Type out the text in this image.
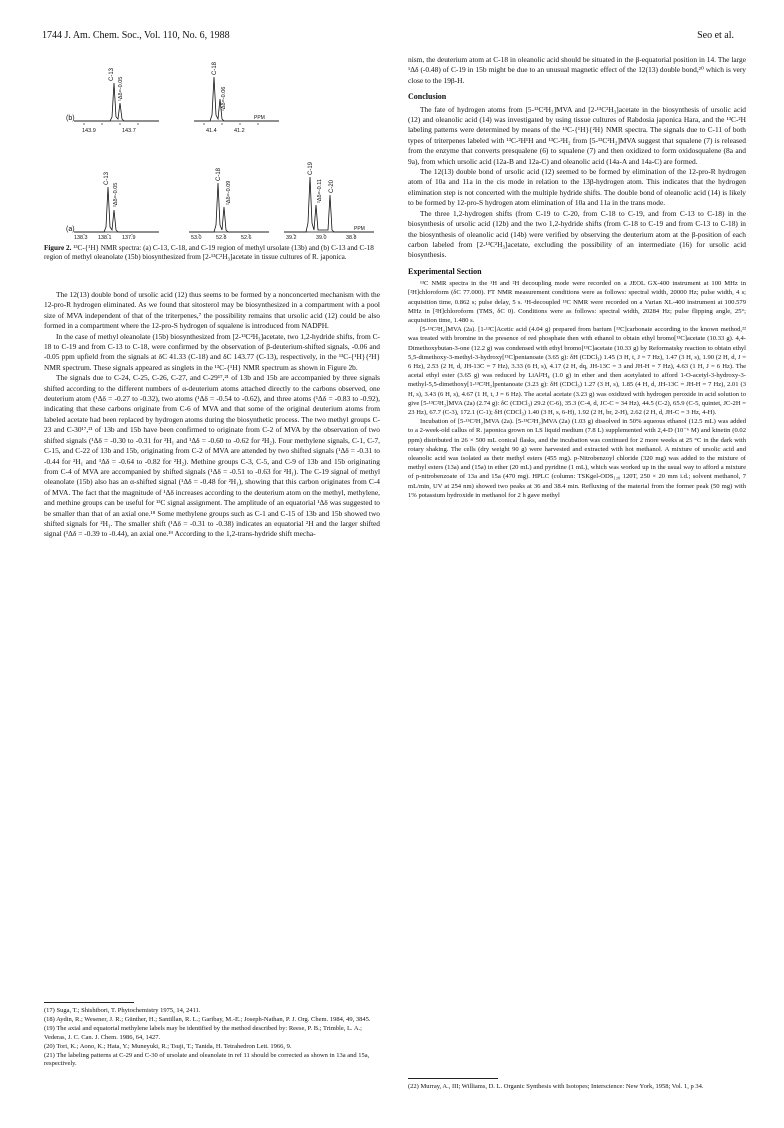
1744 J. Am. Chem. Soc., Vol. 110, No. 6, 1988	Seo et al.
(b)
C-13
¹Δδ=-0.05
143.9	143.7
C-18
²Δδ=-0.06
PPM
41.4	41.2
(a)
C-13
²Δδ=-0.05
C-18
²Δδ=-0.09
C-19
²Δδ=-0.11 C-20
PPM
138.3 138.1 137.9	53.0	52.8	52.6	39.2	39.0	38.8
Figure 2. ¹³C-{¹H} NMR spectra: (a) C-13, C-18, and C-19 region of methyl ursolate (13b) and (b) C-13 and C-18 region of methyl oleanolate (15b) biosynthesized from [2-¹³C²H₃]acetate in tissue cultures of R. japonica.

The 12(13) double bond of ursolic acid (12) thus seems to be formed by a nonconcerted mechanism with the 12-pro-R hydrogen eliminated. As we found that sitosterol may be biosynthesized in a compartment with a pool size of MVA independent of that of the triterpenes,⁷ the possibility remains that ursolic acid (12) could be also formed in a compartment where the 12-pro-S hydrogen of squalene is introduced from NADPH.

In the case of methyl oleanolate (15b) biosynthesized from [2-¹³C²H₃]acetate, two 1,2-hydride shifts, from C-18 to C-19 and from C-13 to C-18, were confirmed by the observation of β-deuterium-shifted signals, -0.06 and -0.05 ppm upfield from the signals at δC 41.33 (C-18) and δC 143.77 (C-13), respectively, in the ¹³C-{¹H}{²H} NMR spectrum. These signals appeared as singlets in the ¹³C-{¹H} NMR spectrum as shown in Figure 2b.

The signals due to C-24, C-25, C-26, C-27, and C-29¹⁷,²¹ of 13b and 15b are accompanied by three signals shifted according to the different numbers of α-deuterium atoms attached directly to the carbons observed, one deuterium atom (¹Δδ = -0.27 to -0.32), two atoms (¹Δδ = -0.54 to -0.62), and three atoms (¹Δδ = -0.83 to -0.92), indicating that these carbons originate from C-6 of MVA and that some of the original deuterium atoms from labeled acetate had been replaced by hydrogen atoms during the biosynthetic process. The two methyl groups C-23 and C-30¹⁷,²¹ of 13b and 15b have been confirmed to originate from C-2 of MVA by the observation of two shifted signals (¹Δδ = -0.30 to -0.31 for ²H₁ and ¹Δδ = -0.60 to -0.62 for ²H₂). Four methylene signals, C-1, C-7, C-15, and C-22 of 13b and 15b, originating from C-2 of MVA are attended by two shifted signals (¹Δδ = -0.31 to -0.44 for ²H₁ and ¹Δδ = -0.64 to -0.82 for ²H₂). Methine groups C-3, C-5, and C-9 of 13b and 15b originating from C-4 of MVA are accompanied by shifted signals (¹Δδ = -0.51 to -0.63 for ²H₁). The C-19 signal of methyl oleanolate (15b) also has an α-shifted signal (¹Δδ = -0.48 for ²H₁), showing that this carbon originates from C-4 of MVA. The fact that the magnitude of ¹Δδ increases according to the deuterium atom on the methyl, methylene, and methine groups can be useful for ¹³C signal assignment. The amplitude of an equatorial ¹Δδ was suggested to be smaller than that of an axial one.¹⁸ Some methylene groups such as C-1 and C-15 of 13b and 15b showed two shifted signals for ²H₁. The smaller shift (¹Δδ = -0.31 to -0.38) indicates an equatorial ²H and the larger shifted signal (¹Δδ = -0.39 to -0.44), an axial one.¹⁹ According to the 1,2-trans-hydride shift mecha-

(17) Suga, T.; Shishibori, T. Phytochemistry 1975, 14, 2411.
(18) Aydin, R.; Wesener, J. R.; Günther, H.; Santillan, R. L.; Garibay, M.-E.; Joseph-Nathan, P. J. Org. Chem. 1984, 49, 3845.
(19) The axial and equatorial methylene labels may be identified by the method described by: Reese, P. B.; Trimble, L. A.; Vederas, J. C. Can. J. Chem. 1986, 64, 1427.
(20) Tori, K.; Aono, K.; Hata, Y.; Muneyuki, R.; Tsuji, T.; Tanida, H. Tetrahedron Lett. 1966, 9.
(21) The labeling patterns at C-29 and C-30 of ursolate and oleanolate in ref 11 should be corrected as shown in 13a and 15a, respectively.

nism, the deuterium atom at C-18 in oleanolic acid should be situated in the β-equatorial position in 14. The large ¹Δδ (-0.48) of C-19 in 15b might be due to an unusual magnetic effect of the 12(13) double bond,²⁰ which is very close to the 19β-H.

Conclusion

The fate of hydrogen atoms from [5-¹³C²H₂]MVA and [2-¹³C²H₃]acetate in the biosynthesis of ursolic acid (12) and oleanolic acid (14) was investigated by using tissue cultures of Rabdosia japonica Hara, and the ¹³C-²H labeling patterns were determined by means of the ¹³C-{¹H}{²H} NMR spectra. The signals due to C-11 of both types of triterpenes labeled with ¹³C-²H¹H and ¹³C-²H₂ from [5-¹³C²H₂]MVA suggest that squalene (7) is released from the enzyme that converts presqualene (6) to squalene (7) and then oxidized to form oxidosqualene (8a and 9a), from which ursolic acid (12a-B and 12a-C) and oleanolic acid (14a-A and 14a-C) are formed.

The 12(13) double bond of ursolic acid (12) seemed to be formed by elimination of the 12-pro-R hydrogen atom of 10a and 11a in the cis mode in relation to the 13β-hydrogen atom. This indicates that the hydrogen elimination step is not concerted with the multiple hydride shifts. The double bond of oleanolic acid (14) is likely to be formed by 12-pro-S hydrogen atom elimination of 10a and 11a in the trans mode.

The three 1,2-hydrogen shifts (from C-19 to C-20, from C-18 to C-19, and from C-13 to C-18) in the biosynthesis of ursolic acid (12b) and the two 1,2-hydride shifts (from C-18 to C-19 and from C-13 to C-18) in the biosynthesis of oleanolic acid (14b) were verified by observing the deuterium atom at the β-position of each carbon labeled from [2-¹³C²H₃]acetate, excluding the possibility of an intermediate (16) for ursolic acid biosynthesis.

Experimental Section

¹³C NMR spectra in the ¹H and ²H decoupling mode were recorded on a JEOL GX-400 instrument at 100 MHz in [²H]chloroform (δC 77.000). FT NMR measurement conditions were as follows: spectral width, 20000 Hz; pulse width, 4 s; acquisition time, 0.862 s; pulse delay, 5 s. ¹H-decoupled ¹³C NMR were recorded on a Varian XL-400 instrument at 100.579 MHz in [²H]chloroform (TMS, δC 0). Conditions were as follows: spectral width, 20284 Hz; pulse flipping angle, 25°; acquisition time, 1.480 s.

[5-¹³C²H₂]MVA (2a). [1-¹³C]Acetic acid (4.04 g) prepared from barium [¹³C]carbonate according to the known method,²² was treated with bromine in the presence of red phosphate then with ethanol to obtain ethyl bromo[¹³C]acetate (10.33 g). 4,4-Dimethoxybutan-3-one (12.2 g) was condensed with ethyl bromo[¹³C]acetate (10.33 g) by Reformatsky reaction to obtain ethyl 5,5-dimethoxy-3-methyl-3-hydroxy[¹³C]pentanoate (3.65 g): δH (CDCl₃) 1.45 (3 H, t, J = 7 Hz), 1.47 (3 H, s), 1.90 (2 H, d, J = 6 Hz), 2.53 (2 H, d, JH-13C = 7 Hz), 3.33 (6 H, s), 4.17 (2 H, dq, JH-13C = 3 and JH-H = 7 Hz), 4.63 (1 H, J = 6 Hz). The acetal ethyl ester (3.65 g) was reduced by LiAl²H₄ (1.0 g) in ether and then acetylated to afford 1-O-acetyl-3-hydroxy-3-methyl-5,5-dimethoxy[1-¹³C²H₂]pentanoate (3.23 g): δH (CDCl₃) 1.27 (3 H, s), 1.85 (4 H, d, JH-13C = JH-H = 7 Hz), 2.01 (3 H, s), 3.43 (6 H, s), 4.67 (1 H, t, J = 6 Hz). The acetal acetate (3.23 g) was oxidized with hydrogen peroxide in acid solution to give [5-¹³C²H₂]MVA (2a) (2.74 g): δC (CDCl₃) 29.2 (C-6), 35.3 (C-4, d, JC-C = 34 Hz), 44.5 (C-2), 65.9 (C-5, quintet, JC-2H = 23 Hz), 67.7 (C-3), 172.1 (C-1); δH (CDCl₃) 1.40 (3 H, s, 6-H), 1.92 (2 H, br, 2-H), 2.62 (2 H, d, JH-C = 3 Hz, 4-H).

Incubation of [5-¹³C²H₂]MVA (2a). [5-¹³C²H₂]MVA (2a) (1.03 g) dissolved in 50% aqueous ethanol (12.5 mL) was added to a 2-week-old callus of R. japonica grown on LS liquid medium (7.8 L) supplemented with 2,4-D (10⁻⁶ M) and kinetin (0.02 ppm) distributed in 26 × 500 mL conical flasks, and the incubation was continued for 2 more weeks at 25 °C in the dark with rotary shaking. The cells (dry weight 90 g) were harvested and extracted with hot methanol. A mixture of ursolic acid and oleanolic acid was isolated as their methyl esters (455 mg). p-Nitrobenzoyl chloride (320 mg) was added to the mixture of methyl esters (13a) and (15a) in ether (20 mL) and pyridine (1 mL), which was worked up in the usual way to afford a mixture of p-nitrobenzoate of 13a and 15a (470 mg). HPLC (column: TSKgel-ODS₁₂₀ 120T, 250 × 20 mm i.d.; solvent methanol, 7 mL/min, UV at 254 nm) showed two peaks at 36 and 38.4 min. Refluxing of the material from the former peak (50 mg) with 1% potassium hydroxide in methanol for 2 h gave methyl

(22) Murray, A., III; Williams, D. L. Organic Synthesis with Isotopes; Interscience: New York, 1958; Vol. 1, p 34.
